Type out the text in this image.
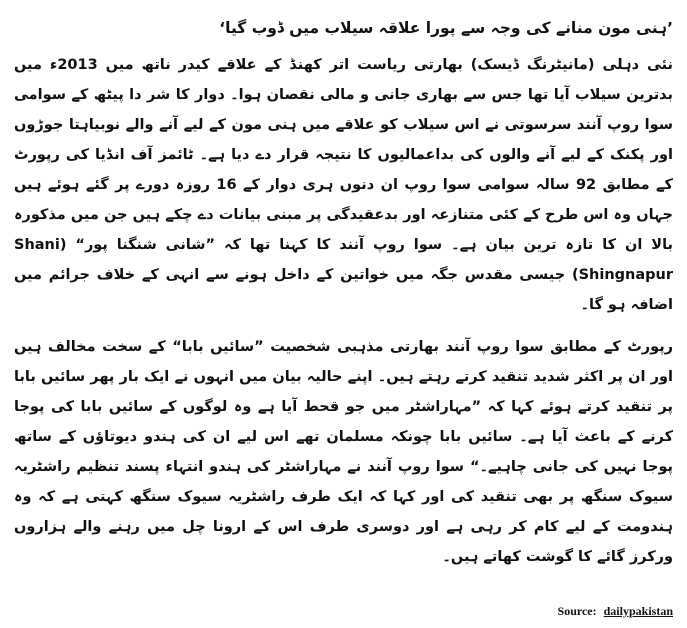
’ہنی مون منانے کی وجہ سے پورا علاقہ سیلاب میں ڈوب گیا‘

نئی دہلی (مانیٹرنگ ڈیسک) بھارتی ریاست اتر کھنڈ کے علاقے کیدر ناتھ میں 2013ء میں بدترین سیلاب آیا تھا جس سے بھاری جانی و مالی نقصان ہوا۔ دوار کا شر دا پیٹھ کے سوامی سوا روپ آنند سرسوتی نے اس سیلاب کو علاقے میں ہنی مون کے لیے آنے والے نوبیاہتا جوڑوں اور پکنک کے لیے آنے والوں کی بداعمالیوں کا نتیجہ قرار دے دیا ہے۔ ٹائمز آف انڈیا کی رپورٹ کے مطابق 92 سالہ سوامی سوا روپ ان دنوں ہری دوار کے 16 روزہ دورے پر گئے ہوئے ہیں جہاں وہ اس طرح کے کئی متنازعہ اور بدعقیدگی پر مبنی بیانات دے چکے ہیں جن میں مذکورہ بالا ان کا تازہ ترین بیان ہے۔ سوا روپ آنند کا کہنا تھا کہ ”شانی شنگنا پور“ (Shani Shingnapur) جیسی مقدس جگہ میں خواتین کے داخل ہونے سے انہی کے خلاف جرائم میں اضافہ ہو گا۔

رپورٹ کے مطابق سوا روپ آنند بھارتی مذہبی شخصیت ”سائیں بابا“ کے سخت مخالف ہیں اور ان پر اکثر شدید تنقید کرتے رہتے ہیں۔ اپنے حالیہ بیان میں انہوں نے ایک بار پھر سائیں بابا پر تنقید کرتے ہوئے کہا کہ ”مہاراشٹر میں جو قحط آیا ہے وہ لوگوں کے سائیں بابا کی پوجا کرنے کے باعث آیا ہے۔ سائیں بابا چونکہ مسلمان تھے اس لیے ان کی ہندو دیوتاؤں کے ساتھ پوجا نہیں کی جانی چاہیے۔“ سوا روپ آنند نے مہاراشٹر کی ہندو انتہاء پسند تنظیم راشٹریہ سیوک سنگھ پر بھی تنقید کی اور کہا کہ ایک طرف راشٹریہ سیوک سنگھ کہتی ہے کہ وہ ہندومت کے لیے کام کر رہی ہے اور دوسری طرف اس کے ارونا چل میں رہنے والے ہزاروں ورکرز گائے کا گوشت کھاتے ہیں۔

Source: dailypakistan
